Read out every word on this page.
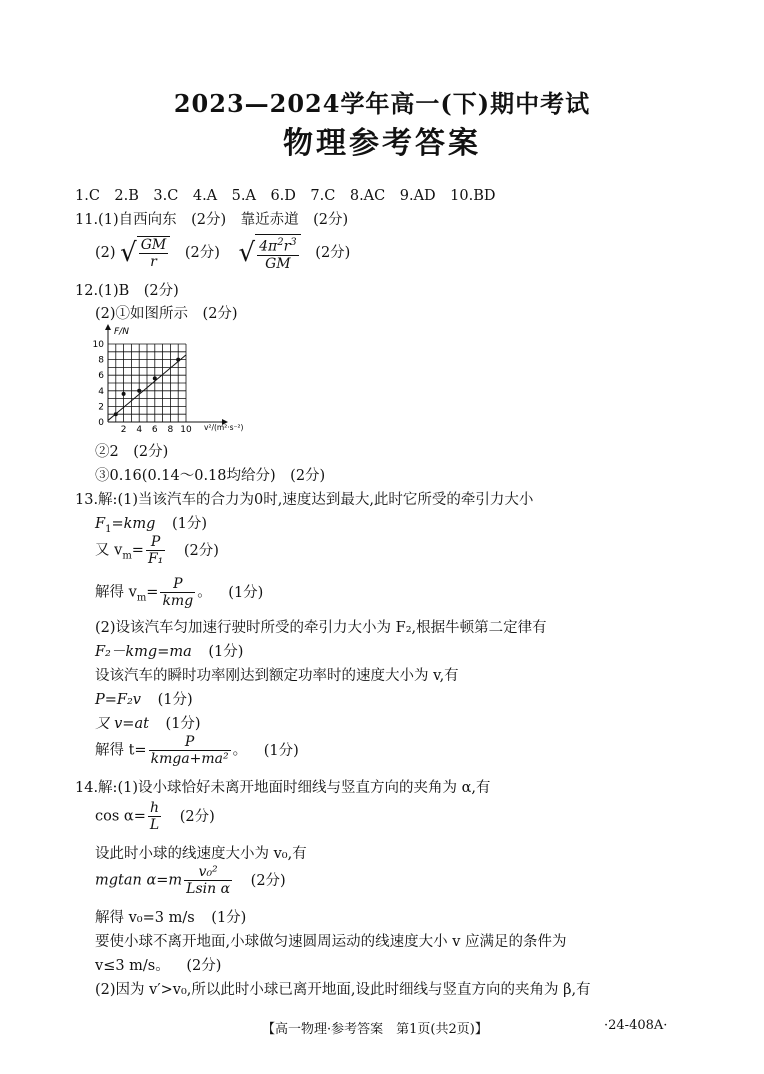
2023—2024学年高一(下)期中考试
物理参考答案
1.C　2.B　3.C　4.A　5.A　6.D　7.C　8.AC　9.AD　10.BD
11.(1)自西向东　(2分)　靠近赤道　(2分)
(2) √ $\frac{GM}{r} (2$分) √ $\frac{4\pi^2r^3}{GM} (2$分)
12.(1)B　(2分)
(2)①如图所示　(2分)
F/N
v²/(m²·s⁻²)
2 4 6 8 10
0
2
4
6
8
10
②2　(2分)
③0.16(0.14～0.18均给分)　(2分)
13.解:(1)当该汽车的合力为0时,速度达到最大,此时它所受的牵引力大小
$F_1=kmg$ (1分)
又 $v_m= \frac{P}{\text{F₁}} (2$分)
解得 $v_m= \frac{P}{\text{kmg}}$ 。 (1分)
(2)设该汽车匀加速行驶时所受的牵引力大小为 F₂,根据牛顿第二定律有
F₂－kmg=ma (1分)
设该汽车的瞬时功率刚达到额定功率时的速度大小为 v,有
P=F₂v (1分)
又 v=at (1分)
解得 $t= \frac{P}{\text{kmga+ma²}}$ 。 (1分)
14.解:(1)设小球恰好未离开地面时细线与竖直方向的夹角为 α,有
$\cos \alpha= \frac{h}{L} (2$分)
设此时小球的线速度大小为 v₀,有
mgtan $\alpha=m \frac{\text{v₀²}}{\text{Lsin α}} (2$分)
解得 v₀=3 m/s (1分)
要使小球不离开地面,小球做匀速圆周运动的线速度大小 v 应满足的条件为
v≤3 m/s。 (2分)
(2)因为 v′>v₀,所以此时小球已离开地面,设此时细线与竖直方向的夹角为 β,有
【高一物理·参考答案　第1页(共2页)】	·24-408A·
